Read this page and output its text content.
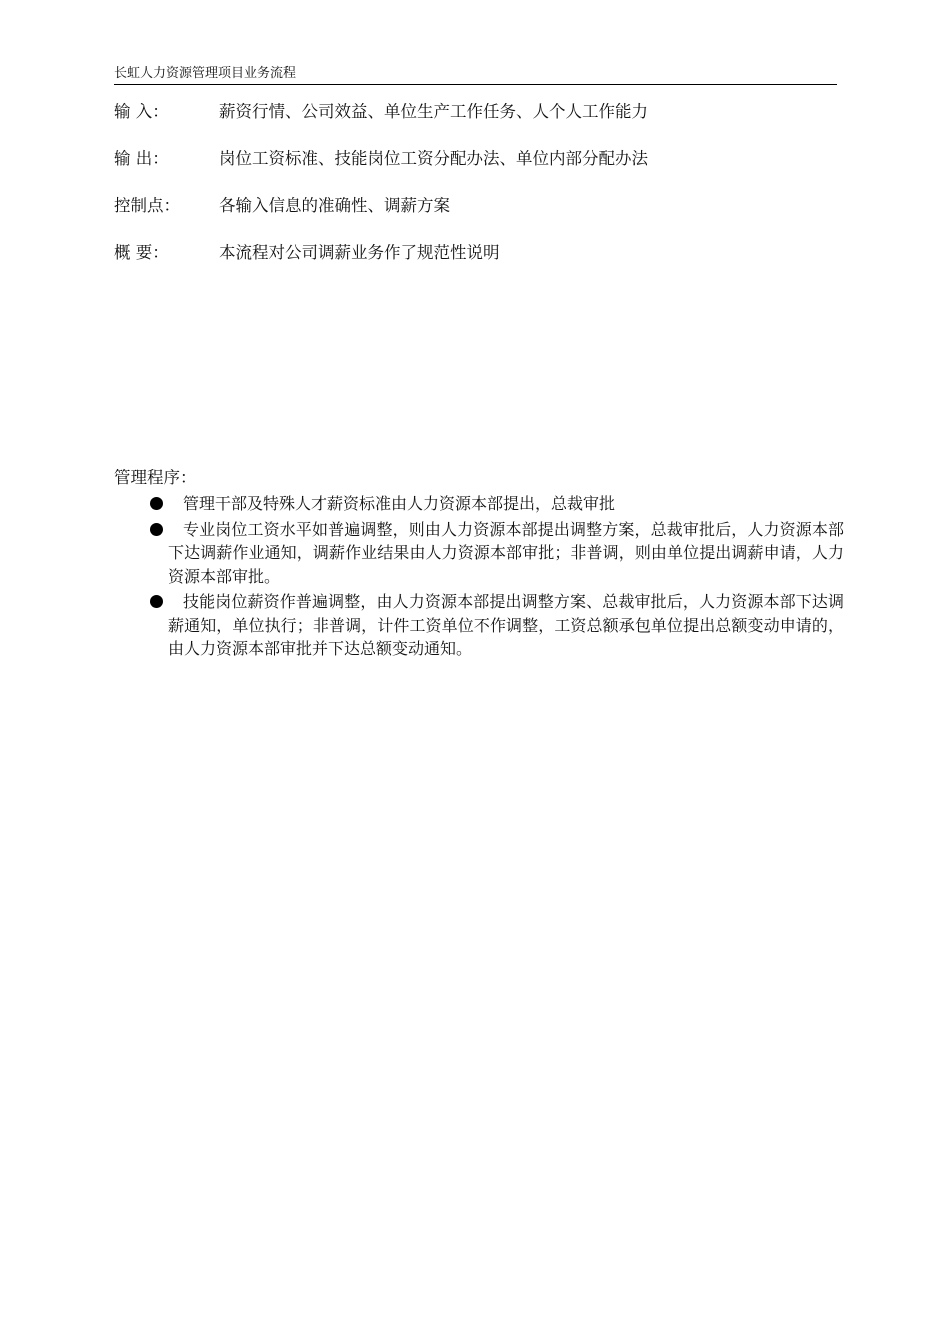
长虹人力资源管理项目业务流程
输 入：	薪资行情、公司效益、单位生产工作任务、人个人工作能力
输 出：	岗位工资标准、技能岗位工资分配办法、单位内部分配办法
控制点：	各输入信息的准确性、调薪方案
概 要：	本流程对公司调薪业务作了规范性说明
管理程序：
管理干部及特殊人才薪资标准由人力资源本部提出，总裁审批
专业岗位工资水平如普遍调整，则由人力资源本部提出调整方案，总裁审批后，人力资源本部下达调薪作业通知，调薪作业结果由人力资源本部审批；非普调，则由单位提出调薪申请，人力资源本部审批。
技能岗位薪资作普遍调整，由人力资源本部提出调整方案、总裁审批后，人力资源本部下达调薪通知，单位执行；非普调，计件工资单位不作调整，工资总额承包单位提出总额变动申请的，由人力资源本部审批并下达总额变动通知。
